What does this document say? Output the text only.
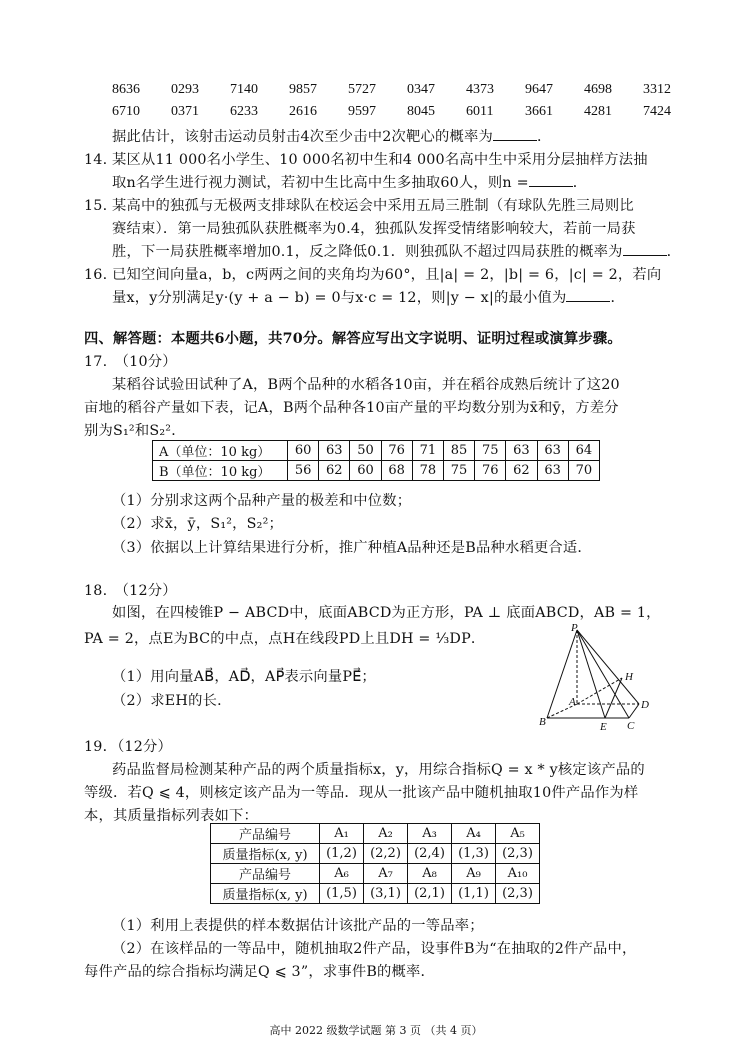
8636 0293 7140 9857 5727 0347 4373 9647 4698 3312
6710 0371 6233 2616 9597 8045 6011 3661 4281 7424
据此估计，该射击运动员射击4次至少击中2次靶心的概率为	．
14. 某区从11 000名小学生、10 000名初中生和4 000名高中生中采用分层抽样方法抽
取n名学生进行视力测试，若初中生比高中生多抽取60人，则n =	．
15. 某高中的独孤与无极两支排球队在校运会中采用五局三胜制（有球队先胜三局则比
赛结束）．第一局独孤队获胜概率为0.4，独孤队发挥受情绪影响较大，若前一局获
胜，下一局获胜概率增加0.1，反之降低0.1．则独孤队不超过四局获胜的概率为	．
16. 已知空间向量a，b，c两两之间的夹角均为60°，且|a| = 2，|b| = 6，|c| = 2，若向
量x，y分别满足y·(y + a − b) = 0与x·c = 12，则|y − x|的最小值为	．
四、解答题：本题共6小题，共70分。解答应写出文字说明、证明过程或演算步骤。
17.　（10分）
某稻谷试验田试种了A，B两个品种的水稻各10亩，并在稻谷成熟后统计了这20
亩地的稻谷产量如下表，记A，B两个品种各10亩产量的平均数分别为x̄和ȳ，方差分
别为S₁²和S₂²．
A（单位：10 kg）	60	63	50	76	71	85	75	63	63	64
B（单位：10 kg）	56	62	60	68	78	75	76	62	63	70
（1）分别求这两个品种产量的极差和中位数；
（2）求x̄，ȳ，S₁²，S₂²；
（3）依据以上计算结果进行分析，推广种植A品种还是B品种水稻更合适．
18.　（12分）
如图，在四棱锥P − ABCD中，底面ABCD为正方形，PA ⊥ 底面ABCD，AB = 1，
PA = 2，点E为BC的中点，点H在线段PD上且DH = ⅓DP．
（1）用向量AB⃗，AD⃗，AP⃗表示向量PE⃗；
（2）求EH的长．
P
H
A	D
B	E C
19．（12分）
药品监督局检测某种产品的两个质量指标x，y，用综合指标Q = x * y核定该产品的
等级．若Q ⩽ 4，则核定该产品为一等品．现从一批该产品中随机抽取10件产品作为样
本，其质量指标列表如下：
产品编号	A₁	A₂	A₃	A₄	A₅
质量指标(x, y)	(1,2)	(2,2)	(2,4)	(1,3)	(2,3)
产品编号	A₆	A₇	A₈	A₉	A₁₀
质量指标(x, y)	(1,5)	(3,1)	(2,1)	(1,1)	(2,3)
（1）利用上表提供的样本数据估计该批产品的一等品率；
（2）在该样品的一等品中，随机抽取2件产品，设事件B为“在抽取的2件产品中，
每件产品的综合指标均满足Q ⩽ 3”，求事件B的概率．
高中 2022 级数学试题 第 3 页 （共 4 页）
